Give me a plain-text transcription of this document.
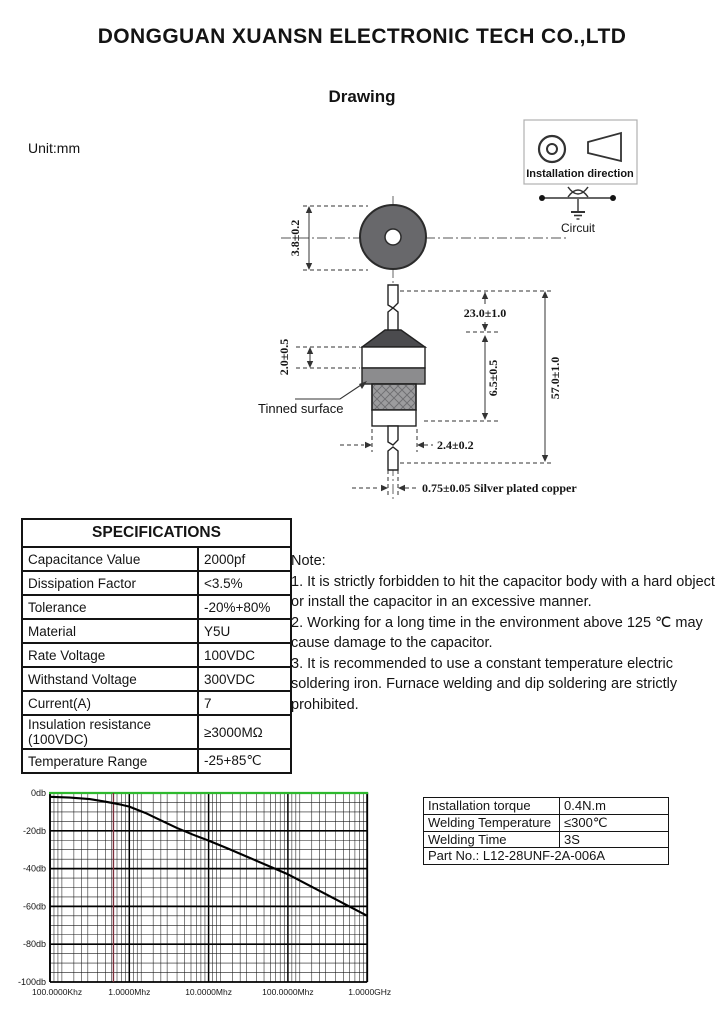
DONGGUAN XUANSN ELECTRONIC TECH CO.,LTD
Drawing
Unit:mm
Installation direction
Circuit
3.8±0.2
2.0±0.5
Tinned surface
23.0±1.0
6.5±0.5	57.0±1.0
2.4±0.2
0.75±0.05 Silver plated copper
SPECIFICATIONS	
Capacitance Value	2000pf
Dissipation Factor	<3.5%
Tolerance	-20%+80%
Material	Y5U
Rate Voltage	100VDC
Withstand Voltage	300VDC
Current(A)	7
Insulation resistance (100VDC)	≥3000MΩ
Temperature Range	-25+85℃

Note:

1. It is strictly forbidden to hit the capacitor body with a hard object or install the capacitor in an excessive manner.

2. Working for a long time in the environment above 125 ℃ may cause damage to the capacitor.

3. It is recommended to use a constant temperature electric soldering iron. Furnace welding and dip soldering are strictly prohibited.

Installation torque	0.4N.m
Welding Temperature	≤300℃
Welding Time	3S
Part No.: L12-28UNF-2A-006A	
0db
-20db
-40db
-60db
-80db
-100db
100.0000Khz	1.0000Mhz	10.0000Mhz	100.0000Mhz	1.0000GHz
